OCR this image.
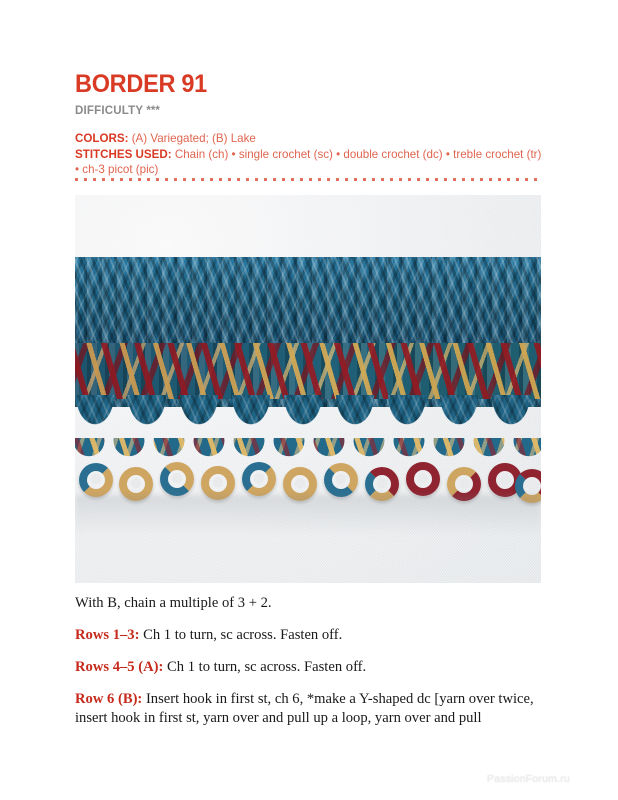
BORDER 91
DIFFICULTY ***
COLORS: (A) Variegated; (B) Lake
STITCHES USED: Chain (ch) • single crochet (sc) • double crochet (dc) • treble crochet (tr) • ch-3 picot (pic)

With B, chain a multiple of 3 + 2.

Rows 1–3: Ch 1 to turn, sc across. Fasten off.

Rows 4–5 (A): Ch 1 to turn, sc across. Fasten off.

Row 6 (B): Insert hook in first st, ch 6, *make a Y-shaped dc [yarn over twice, insert hook in first st, yarn over and pull up a loop, yarn over and pull

PassionForum.ru
